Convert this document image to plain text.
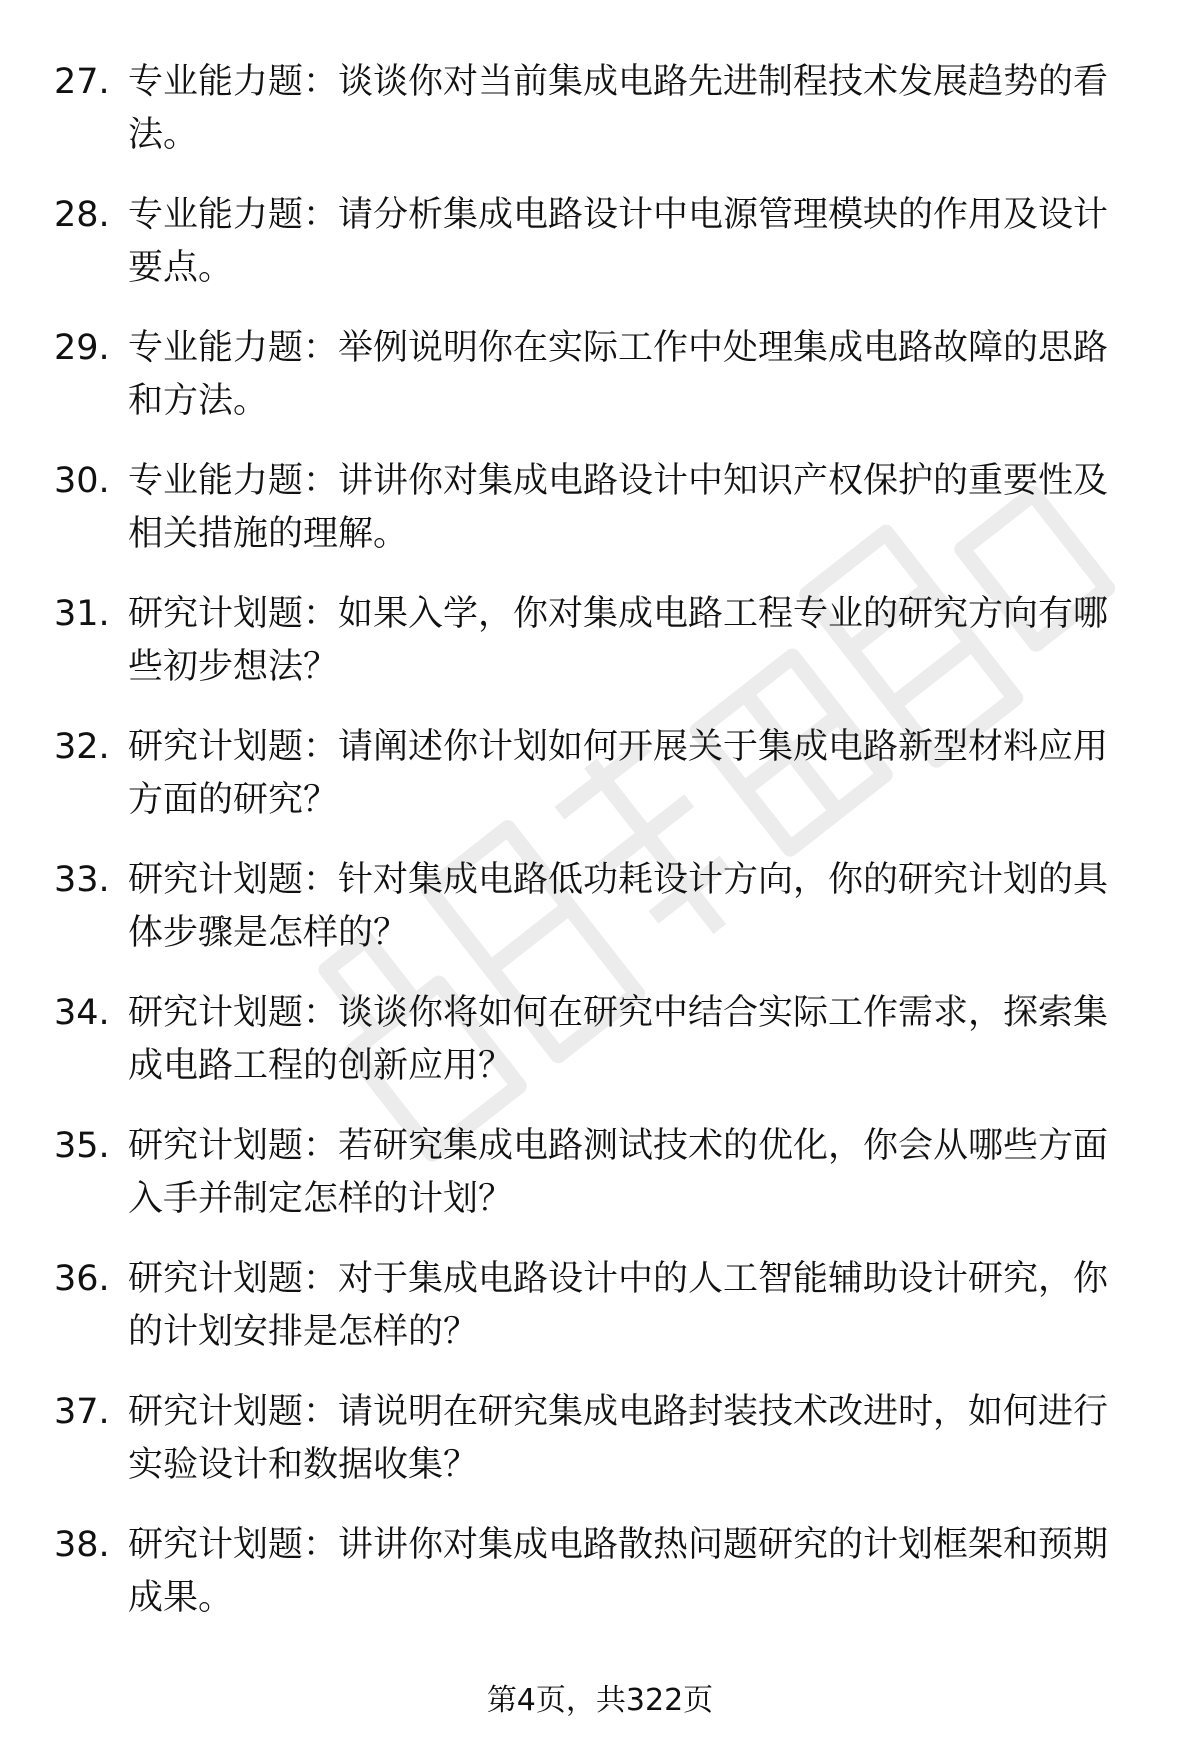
27. 专业能力题 ： 谈谈你对当前集成电路先进制程技术发展趋势的看法。
28. 专业能力题 ： 请分析集成电路设计中电源管理模块的作用及设计要点。
29. 专业能力题 ： 举例说明你在实际工作中处理集成电路故障的思路和方法。
30. 专业能力题 ： 讲讲你对集成电路设计中知识产权保护的重要性及相关措施的理解。
31. 研究计划题 ： 如果入学，你对集成电路工程专业的研究方向有哪些初步想法？
32. 研究计划题 ： 请阐述你计划如何开展关于集成电路新型材料应用方面的研究？
33. 研究计划题 ： 针对集成电路低功耗设计方向，你的研究计划的具体步骤是怎样的？
34. 研究计划题 ： 谈谈你将如何在研究中结合实际工作需求，探索集成电路工程的创新应用？
35. 研究计划题 ： 若研究集成电路测试技术的优化，你会从哪些方面入手并制定怎样的计划？
36. 研究计划题 ： 对于集成电路设计中的人工智能辅助设计研究，你的计划安排是怎样的？
37. 研究计划题 ： 请说明在研究集成电路封装技术改进时，如何进行实验设计和数据收集？
38. 研究计划题 ： 讲讲你对集成电路散热问题研究的计划框架和预期成果。
第4页，共322页
